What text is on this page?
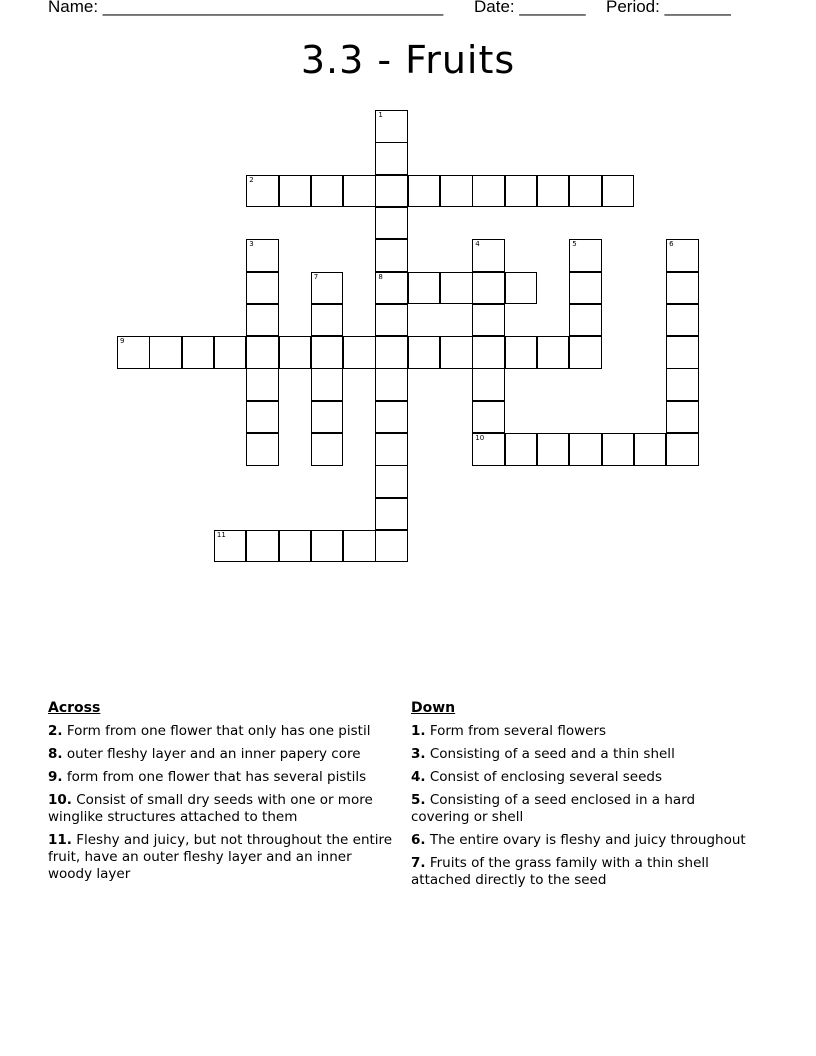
Name: ____________________________________ Date: _______ Period: _______
3.3 - Fruits
1
8
2
3	4
10
5	6
7
9
11
Across
2. Form from one flower that only has one pistil
8. outer fleshy layer and an inner papery core
9. form from one flower that has several pistils
10. Consist of small dry seeds with one or more winglike structures attached to them
11. Fleshy and juicy, but not throughout the entire fruit, have an outer fleshy layer and an inner woody layer
Down
1. Form from several flowers
3. Consisting of a seed and a thin shell
4. Consist of enclosing several seeds
5. Consisting of a seed enclosed in a hard covering or shell
6. The entire ovary is fleshy and juicy throughout
7. Fruits of the grass family with a thin shell attached directly to the seed
